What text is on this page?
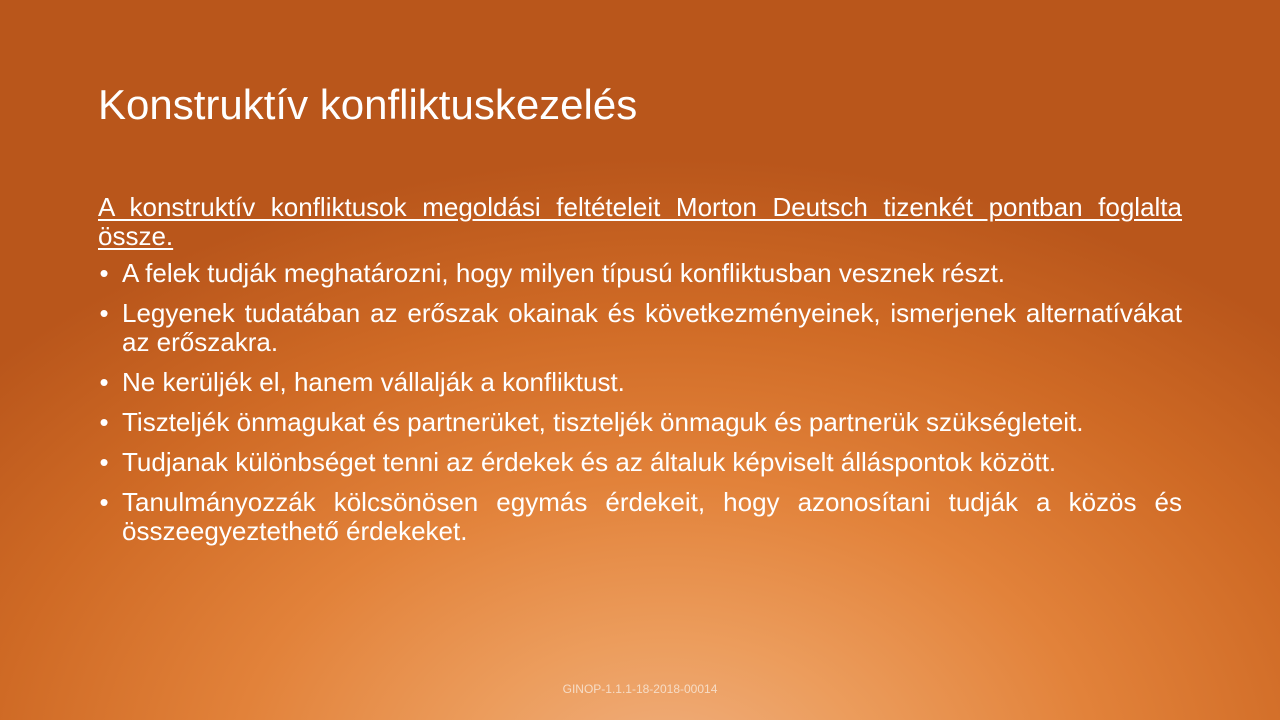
Konstruktív konfliktuskezelés

A konstruktív konfliktusok megoldási feltételeit Morton Deutsch tizenkét pontban foglalta össze.

• A felek tudják meghatározni, hogy milyen típusú konfliktusban vesznek részt.
• Legyenek tudatában az erőszak okainak és következményeinek, ismerjenek alternatívákat az erőszakra.
• Ne kerüljék el, hanem vállalják a konfliktust.
• Tiszteljék önmagukat és partnerüket, tiszteljék önmaguk és partnerük szükségleteit.
• Tudjanak különbséget tenni az érdekek és az általuk képviselt álláspontok között.
• Tanulmányozzák kölcsönösen egymás érdekeit, hogy azonosítani tudják a közös és összeegyeztethető érdekeket.
GINOP-1.1.1-18-2018-00014
